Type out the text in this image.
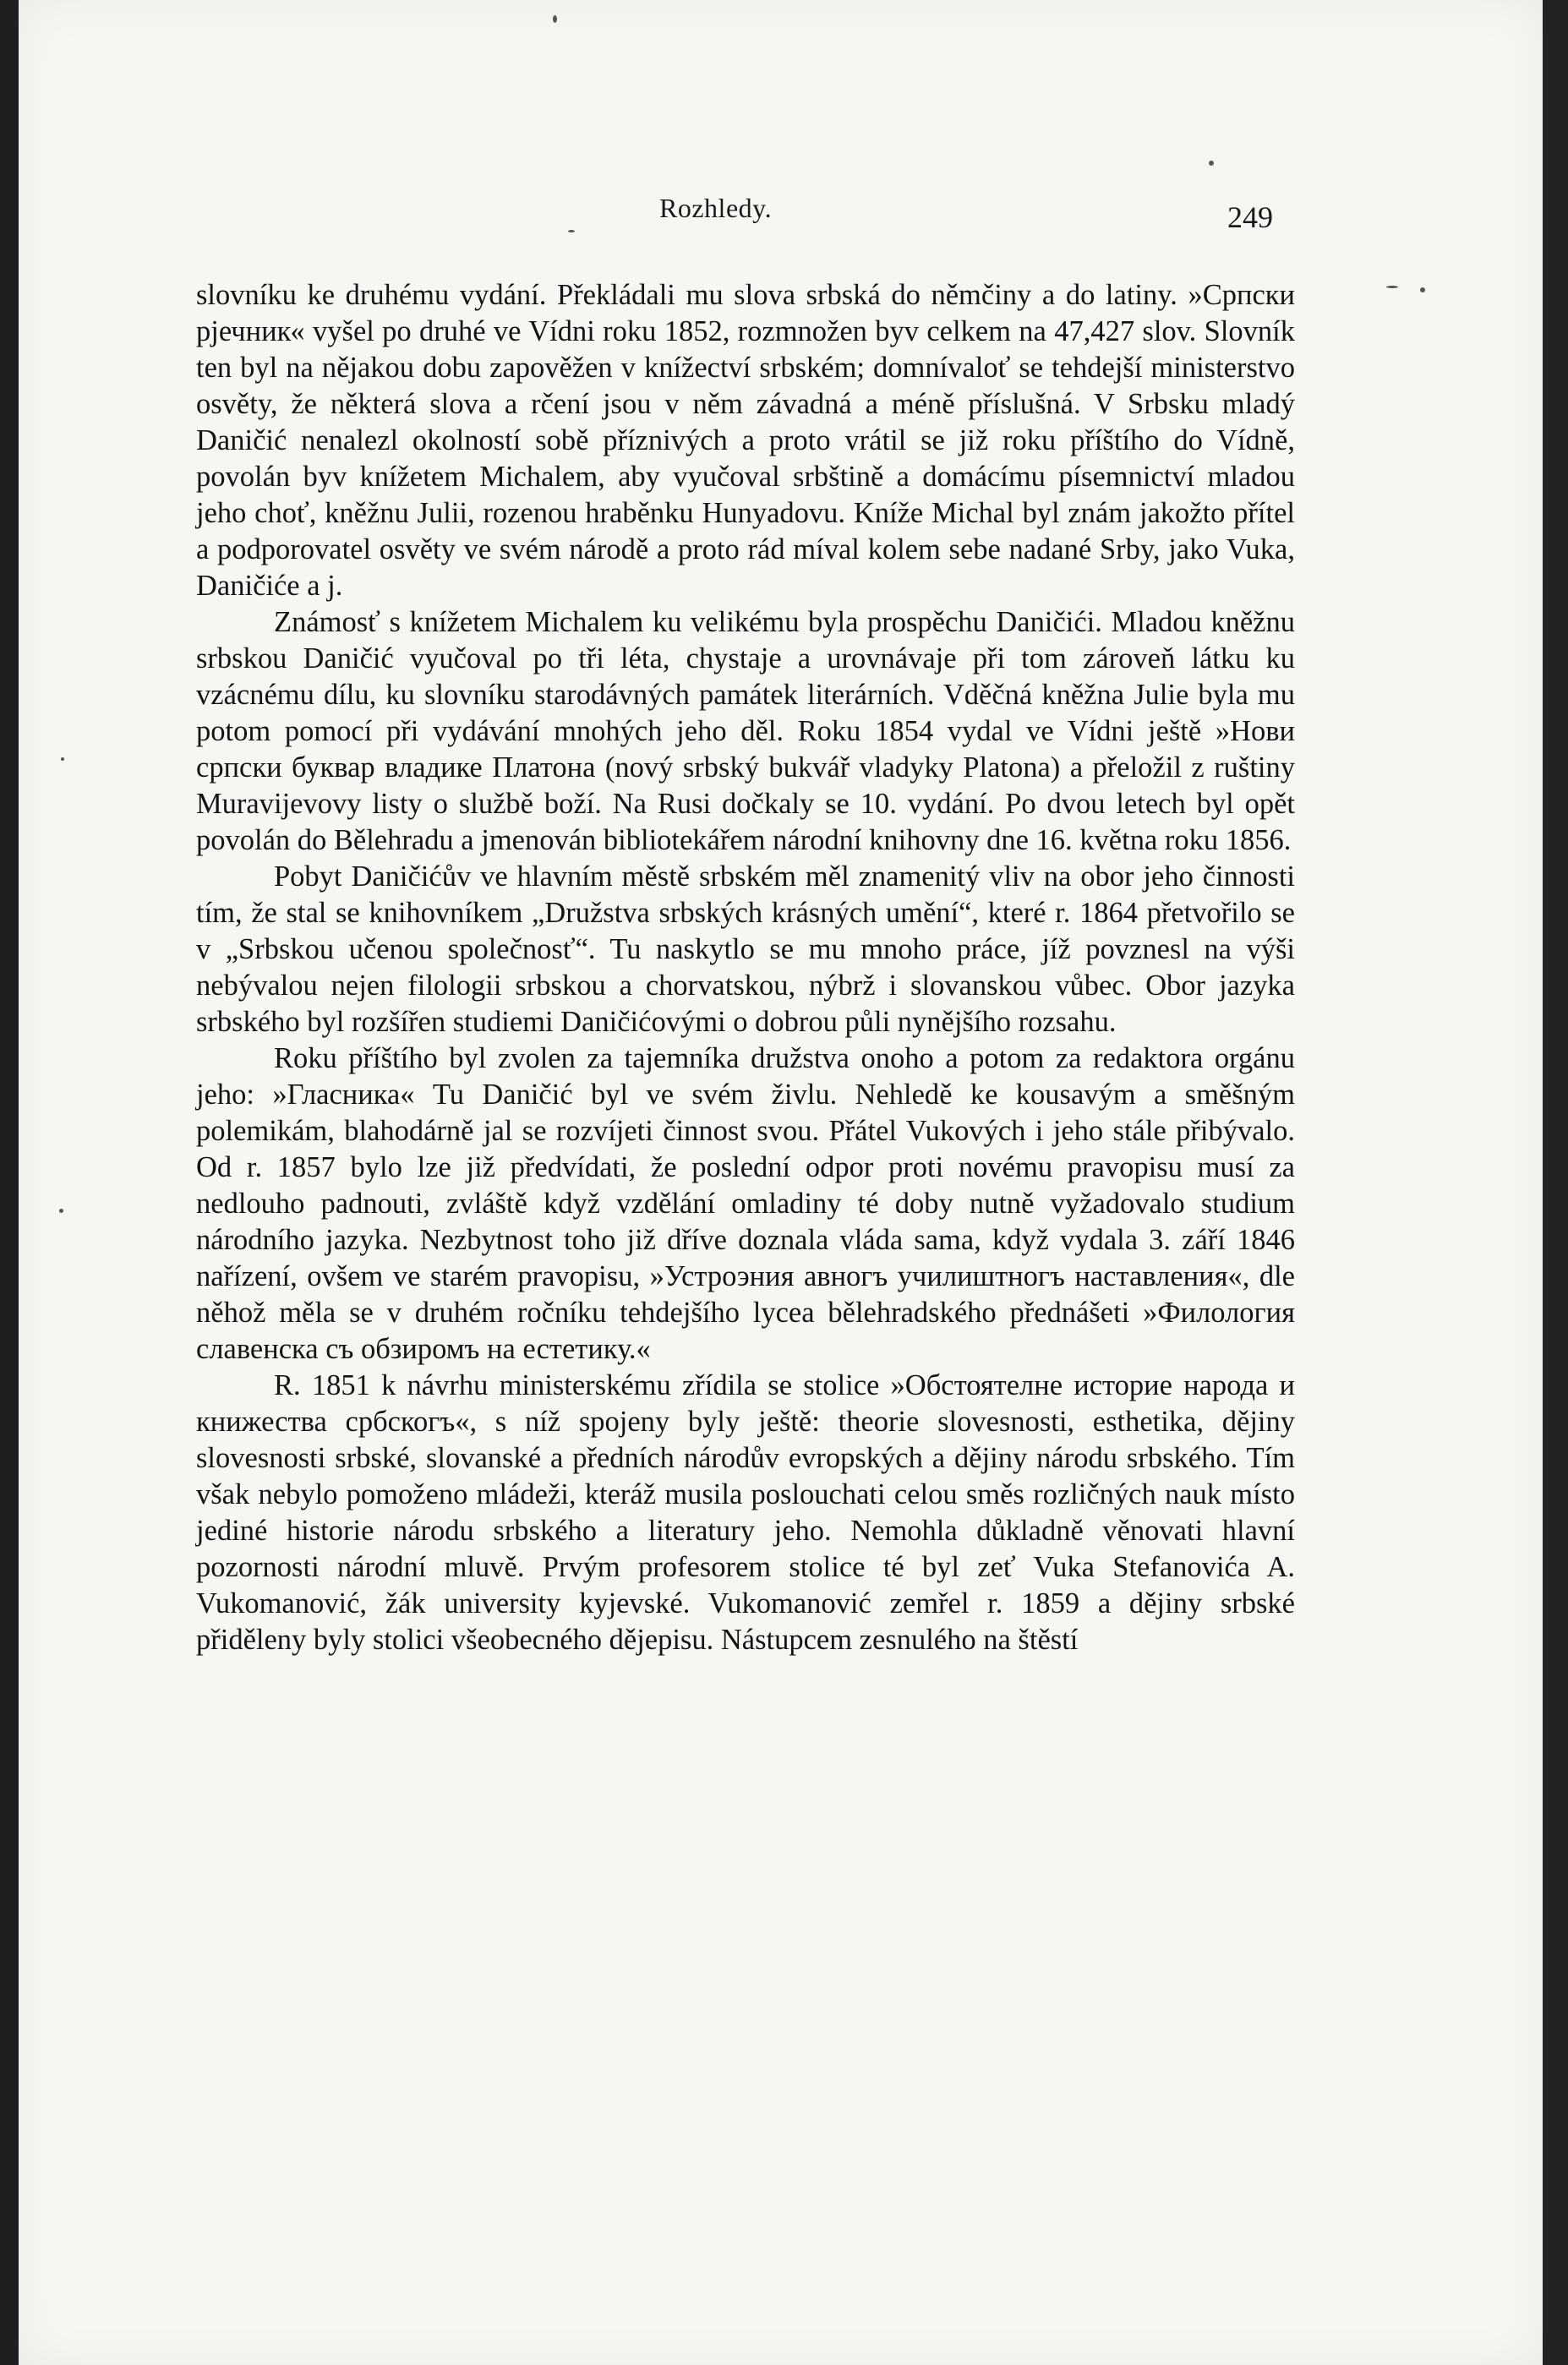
Rozhledy.	249

slovníku ke druhému vydání. Překládali mu slova srbská do němčiny a do latiny. »Српски рјечник« vyšel po druhé ve Vídni roku 1852, rozmnožen byv celkem na 47,427 slov. Slovník ten byl na nějakou dobu zapověžen v knížectví srbském; domnívaloť se tehdejší ministerstvo osvěty, že některá slova a rčení jsou v něm závadná a méně příslušná. V Srbsku mladý Daničić nenalezl okolností sobě příznivých a proto vrátil se již roku příštího do Vídně, povolán byv knížetem Michalem, aby vyučoval srbštině a domácímu písemnictví mladou jeho choť, kněžnu Julii, rozenou hraběnku Hunyadovu. Kníže Michal byl znám jakožto přítel a podporovatel osvěty ve svém národě a proto rád míval kolem sebe nadané Srby, jako Vuka, Daničiće a j.

Známosť s knížetem Michalem ku velikému byla prospěchu Daničići. Mladou kněžnu srbskou Daničić vyučoval po tři léta, chystaje a urovnávaje při tom zároveň látku ku vzácnému dílu, ku slovníku starodávných památek literárních. Vděčná kněžna Julie byla mu potom pomocí při vydávání mnohých jeho děl. Roku 1854 vydal ve Vídni ještě »Нови српски буквар владике Платона (nový srbský bukvář vladyky Platona) a přeložil z ruštiny Muravijevovy listy o službě boží. Na Rusi dočkaly se 10. vydání. Po dvou letech byl opět povolán do Bělehradu a jmenován bibliotekářem národní knihovny dne 16. května roku 1856.

Pobyt Daničićův ve hlavním městě srbském měl znamenitý vliv na obor jeho činnosti tím, že stal se knihovníkem „Družstva srbských krásných umění“, které r. 1864 přetvořilo se v „Srbskou učenou společnosť“. Tu naskytlo se mu mnoho práce, jíž povznesl na výši nebývalou nejen filologii srbskou a chorvatskou, nýbrž i slovanskou vůbec. Obor jazyka srbského byl rozšířen studiemi Daničićovými o dobrou půli nynějšího rozsahu.

Roku příštího byl zvolen za tajemníka družstva onoho a potom za redaktora orgánu jeho: »Гласника« Tu Daničić byl ve svém živlu. Nehledě ke kousavým a směšným polemikám, blahodárně jal se rozvíjeti činnost svou. Přátel Vukových i jeho stále přibývalo. Od r. 1857 bylo lze již předvídati, že poslední odpor proti novému pravopisu musí za nedlouho padnouti, zvláště když vzdělání omladiny té doby nutně vyžadovalo studium národního jazyka. Nezbytnost toho již dříve doznala vláda sama, když vydala 3. září 1846 nařízení, ovšem ve starém pravopisu, »Устроэния авногъ училиштногъ наставления«, dle něhož měla se v druhém ročníku tehdejšího lycea bělehradského přednášeti »Филология славенска съ обзиромъ на естетику.«

R. 1851 k návrhu ministerskému zřídila se stolice »Обстоятелне историе народа и книжества србскогъ«, s níž spojeny byly ještě: theorie slovesnosti, esthetika, dějiny slovesnosti srbské, slovanské a předních národův evropských a dějiny národu srbského. Tím však nebylo pomoženo mládeži, kteráž musila poslouchati celou směs rozličných nauk místo jediné historie národu srbského a literatury jeho. Nemohla důkladně věnovati hlavní pozornosti národní mluvě. Prvým profesorem stolice té byl zeť Vuka Stefanovića A. Vukomanović, žák university kyjevské. Vukomanović zemřel r. 1859 a dějiny srbské přiděleny byly stolici všeobecného dějepisu. Nástupcem zesnulého na štěstí
